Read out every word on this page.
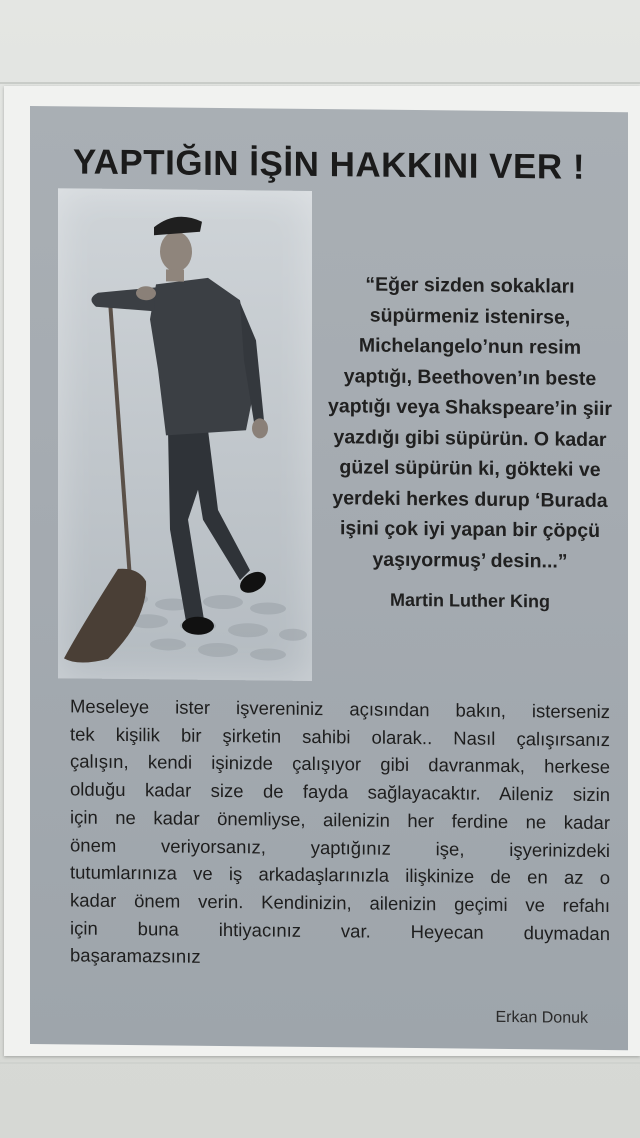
YAPTIĞIN İŞİN HAKKINI VER !
“Eğer sizden sokakları
süpürmeniz istenirse,
Michelangelo’nun resim
yaptığı, Beethoven’ın beste
yaptığı veya Shakspeare’in şiir
yazdığı gibi süpürün. O kadar
güzel süpürün ki, gökteki ve
yerdeki herkes durup ‘Burada
işini çok iyi yapan bir çöpçü
yaşıyormuş’ desin...”
Martin Luther King
Meseleye ister işvereniniz açısından bakın, isterseniz
tek kişilik bir şirketin sahibi olarak.. Nasıl çalışırsanız
çalışın, kendi işinizde çalışıyor gibi davranmak, herkese
olduğu kadar size de fayda sağlayacaktır. Aileniz sizin
için ne kadar önemliyse, ailenizin her ferdine ne kadar
önem veriyorsanız, yaptığınız işe, işyerinizdeki
tutumlarınıza ve iş arkadaşlarınızla ilişkinize de en az o
kadar önem verin. Kendinizin, ailenizin geçimi ve refahı
için buna ihtiyacınız var. Heyecan duymadan
başaramazsınız
Erkan Donuk
